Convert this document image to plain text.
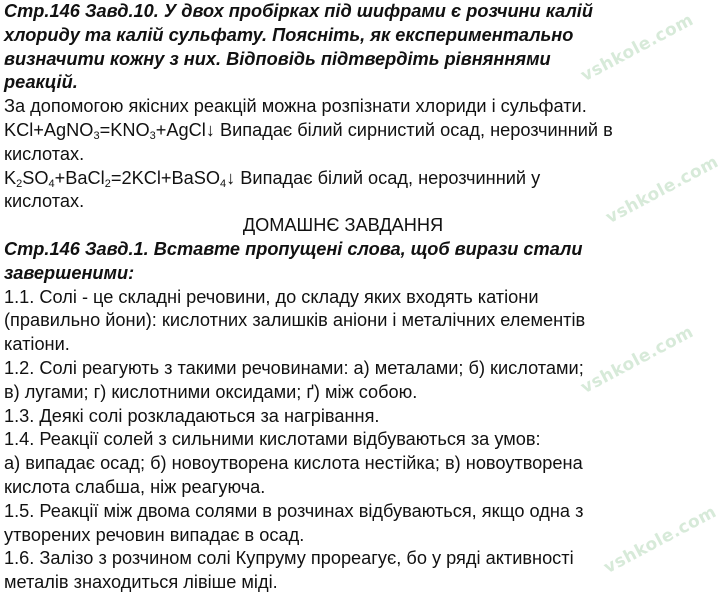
vshkole.com
vshkole.com
vshkole.com
vshkole.com
Стр.146 Завд.10. У двох пробірках під шифрами є розчини калій
хлориду та калій сульфату. Поясніть, як експериментально
визначити кожну з них. Відповідь підтвердіть рівняннями
реакцій.
За допомогою якісних реакцій можна розпізнати хлориди і сульфати.
$KCl+AgNO_3=KNO_3+AgCl↓$ Випадає білий сирнистий осад, нерозчинний в
кислотах.
$K_2SO_4+BaCl_2=2KCl+BaSO_4↓$ Випадає білий осад, нерозчинний у
кислотах.
ДОМАШНЄ ЗАВДАННЯ
Стр.146 Завд.1. Вставте пропущені слова, щоб вирази стали
завершеними:
1.1. Солі - це складні речовини, до складу яких входять катіони
(правильно йони): кислотних залишків аніони і металічних елементів
катіони.
1.2. Солі реагують з такими речовинами: а) металами; б) кислотами;
в) лугами; г) кислотними оксидами; ґ) між собою.
1.3. Деякі солі розкладаються за нагрівання.
1.4. Реакції солей з сильними кислотами відбуваються за умов:
а) випадає осад; б) новоутворена кислота нестійка; в) новоутворена
кислота слабша, ніж реагуюча.
1.5. Реакції між двома солями в розчинах відбуваються, якщо одна з
утворених речовин випадає в осад.
1.6. Залізо з розчином солі Купруму прореагує, бо у ряді активності
металів знаходиться лівіше міді.
